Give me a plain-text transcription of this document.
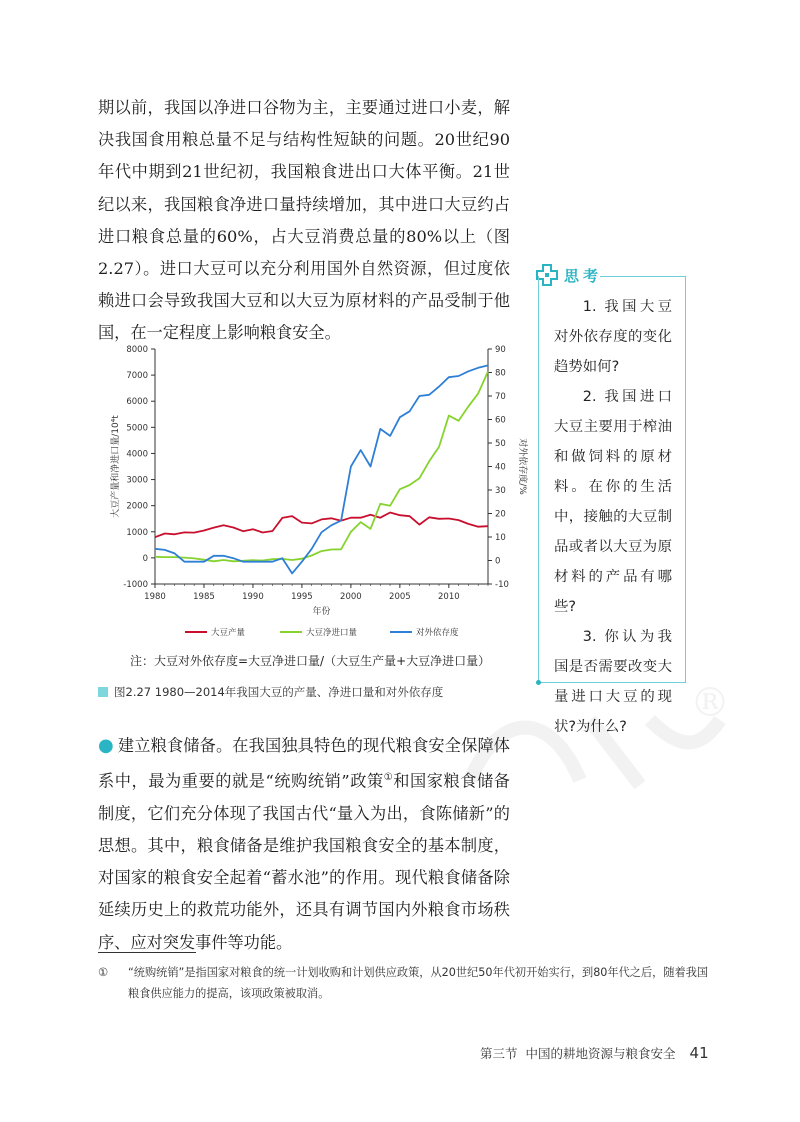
®

期以前，我国以净进口谷物为主，主要通过进口小麦，解决我国食用粮总量不足与结构性短缺的问题。20世纪90年代中期到21世纪初，我国粮食进出口大体平衡。21世纪以来，我国粮食净进口量持续增加，其中进口大豆约占进口粮食总量的60%，占大豆消费总量的80%以上（图2.27）。进口大豆可以充分利用国外自然资源，但过度依赖进口会导致我国大豆和以大豆为原材料的产品受制于他国，在一定程度上影响粮食安全。

思考

1. 我国大豆对外依存度的变化趋势如何?

2. 我国进口大豆主要用于榨油和做饲料的原材料。在你的生活中，接触的大豆制品或者以大豆为原材料的产品有哪些?

3. 你认为我国是否需要改变大量进口大豆的现状?为什么?

1980	1985	1990	1995	2000	2005	2010
-1000
0
1000
2000
3000
4000
5000
6000
7000
8000
-10
0
10
20
30
40
50
60
70
80
90
年份
大豆产量和净进口量/10⁴t	对外依存度/%
大豆产量	大豆净进口量	对外依存度
注：大豆对外依存度=大豆净进口量/（大豆生产量+大豆净进口量）
图2.27 1980—2014年我国大豆的产量、净进口量和对外依存度

● 建立粮食储备。在我国独具特色的现代粮食安全保障体系中，最为重要的就是“统购统销”政策①和国家粮食储备制度，它们充分体现了我国古代“量入为出，食陈储新”的思想。其中，粮食储备是维护我国粮食安全的基本制度，对国家的粮食安全起着“蓄水池”的作用。现代粮食储备除延续历史上的救荒功能外，还具有调节国内外粮食市场秩序、应对突发事件等功能。

① “统购统销”是指国家对粮食的统一计划收购和计划供应政策，从20世纪50年代初开始实行，到80年代之后，随着我国粮食供应能力的提高，该项政策被取消。
第三节 中国的耕地资源与粮食安全 41
